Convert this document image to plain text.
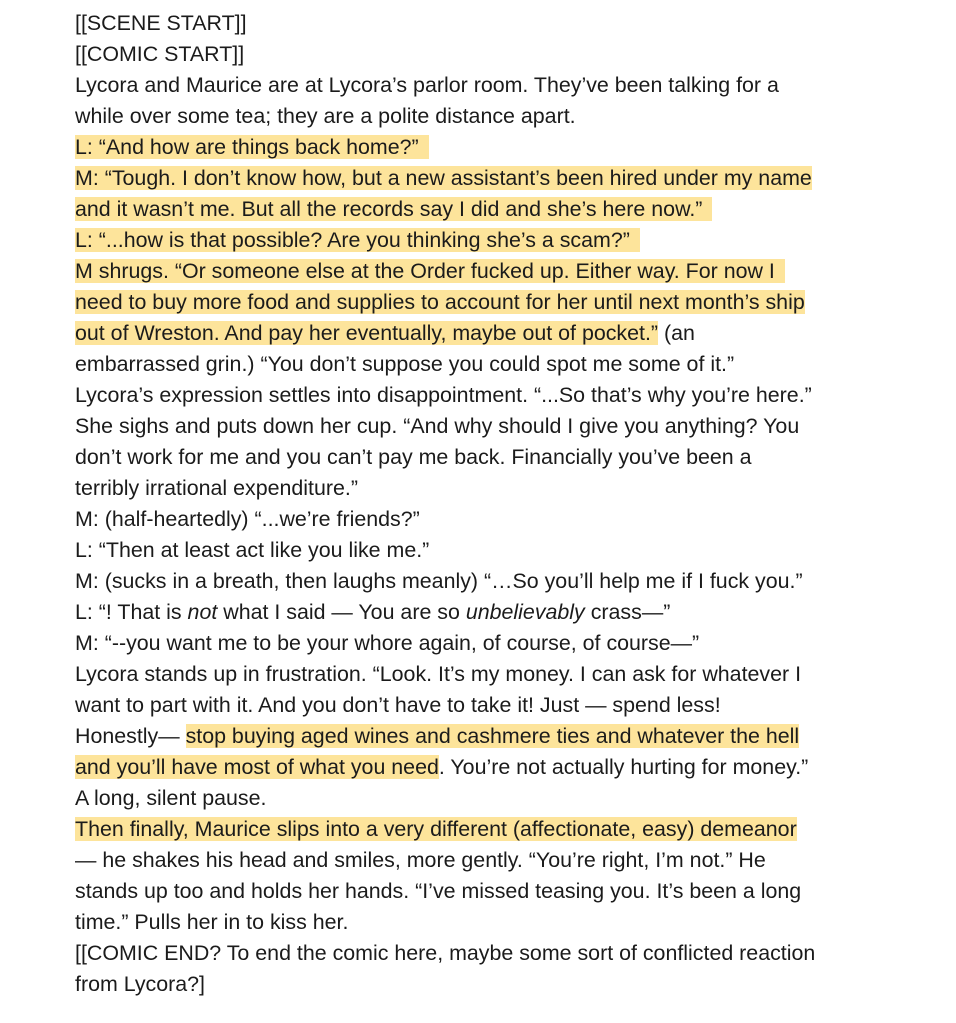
[[SCENE START]]
[[COMIC START]]
Lycora and Maurice are at Lycora’s parlor room. They’ve been talking for a
while over some tea; they are a polite distance apart.
L: “And how are things back home?”
M: “Tough. I don’t know how, but a new assistant’s been hired under my name
and it wasn’t me. But all the records say I did and she’s here now.”
L: “...how is that possible? Are you thinking she’s a scam?”
M shrugs. “Or someone else at the Order fucked up. Either way. For now I
need to buy more food and supplies to account for her until next month’s ship
out of Wreston. And pay her eventually, maybe out of pocket.” (an
embarrassed grin.) “You don’t suppose you could spot me some of it.”
Lycora’s expression settles into disappointment. “...So that’s why you’re here.”
She sighs and puts down her cup. “And why should I give you anything? You
don’t work for me and you can’t pay me back. Financially you’ve been a
terribly irrational expenditure.”
M: (half-heartedly) “...we’re friends?”
L: “Then at least act like you like me.”
M: (sucks in a breath, then laughs meanly) “…So you’ll help me if I fuck you.”
L: “! That is not what I said — You are so unbelievably crass—”
M: “--you want me to be your whore again, of course, of course—”
Lycora stands up in frustration. “Look. It’s my money. I can ask for whatever I
want to part with it. And you don’t have to take it! Just — spend less!
Honestly— stop buying aged wines and cashmere ties and whatever the hell
and you’ll have most of what you need. You’re not actually hurting for money.”
A long, silent pause.
Then finally, Maurice slips into a very different (affectionate, easy) demeanor
— he shakes his head and smiles, more gently. “You’re right, I’m not.” He
stands up too and holds her hands. “I’ve missed teasing you. It’s been a long
time.” Pulls her in to kiss her.
[[COMIC END? To end the comic here, maybe some sort of conflicted reaction
from Lycora?]
